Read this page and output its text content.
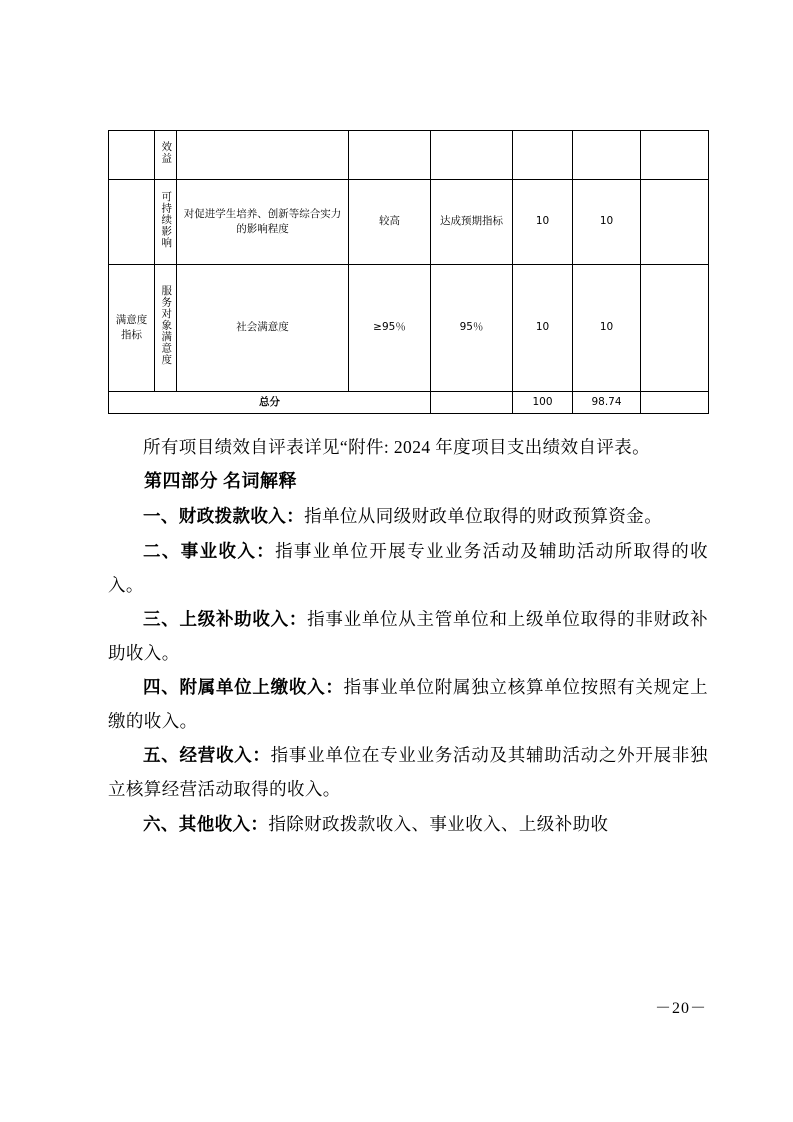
	效益						
	可持续影响	对促进学生培养、创新等综合实力的影响程度	较高	达成预期指标	10	10	
满意度指标	服务对象满意度	社会满意度	≥95％	95％	10	10	
总分					100	98.74	

所有项目绩效自评表详见“附件: 2024 年度项目支出绩效自评表。

第四部分 名词解释

一、财政拨款收入：指单位从同级财政单位取得的财政预算资金。

二、事业收入：指事业单位开展专业业务活动及辅助活动所取得的收入。

三、上级补助收入：指事业单位从主管单位和上级单位取得的非财政补助收入。

四、附属单位上缴收入：指事业单位附属独立核算单位按照有关规定上缴的收入。

五、经营收入：指事业单位在专业业务活动及其辅助活动之外开展非独立核算经营活动取得的收入。

六、其他收入：指除财政拨款收入、事业收入、上级补助收

－20－
